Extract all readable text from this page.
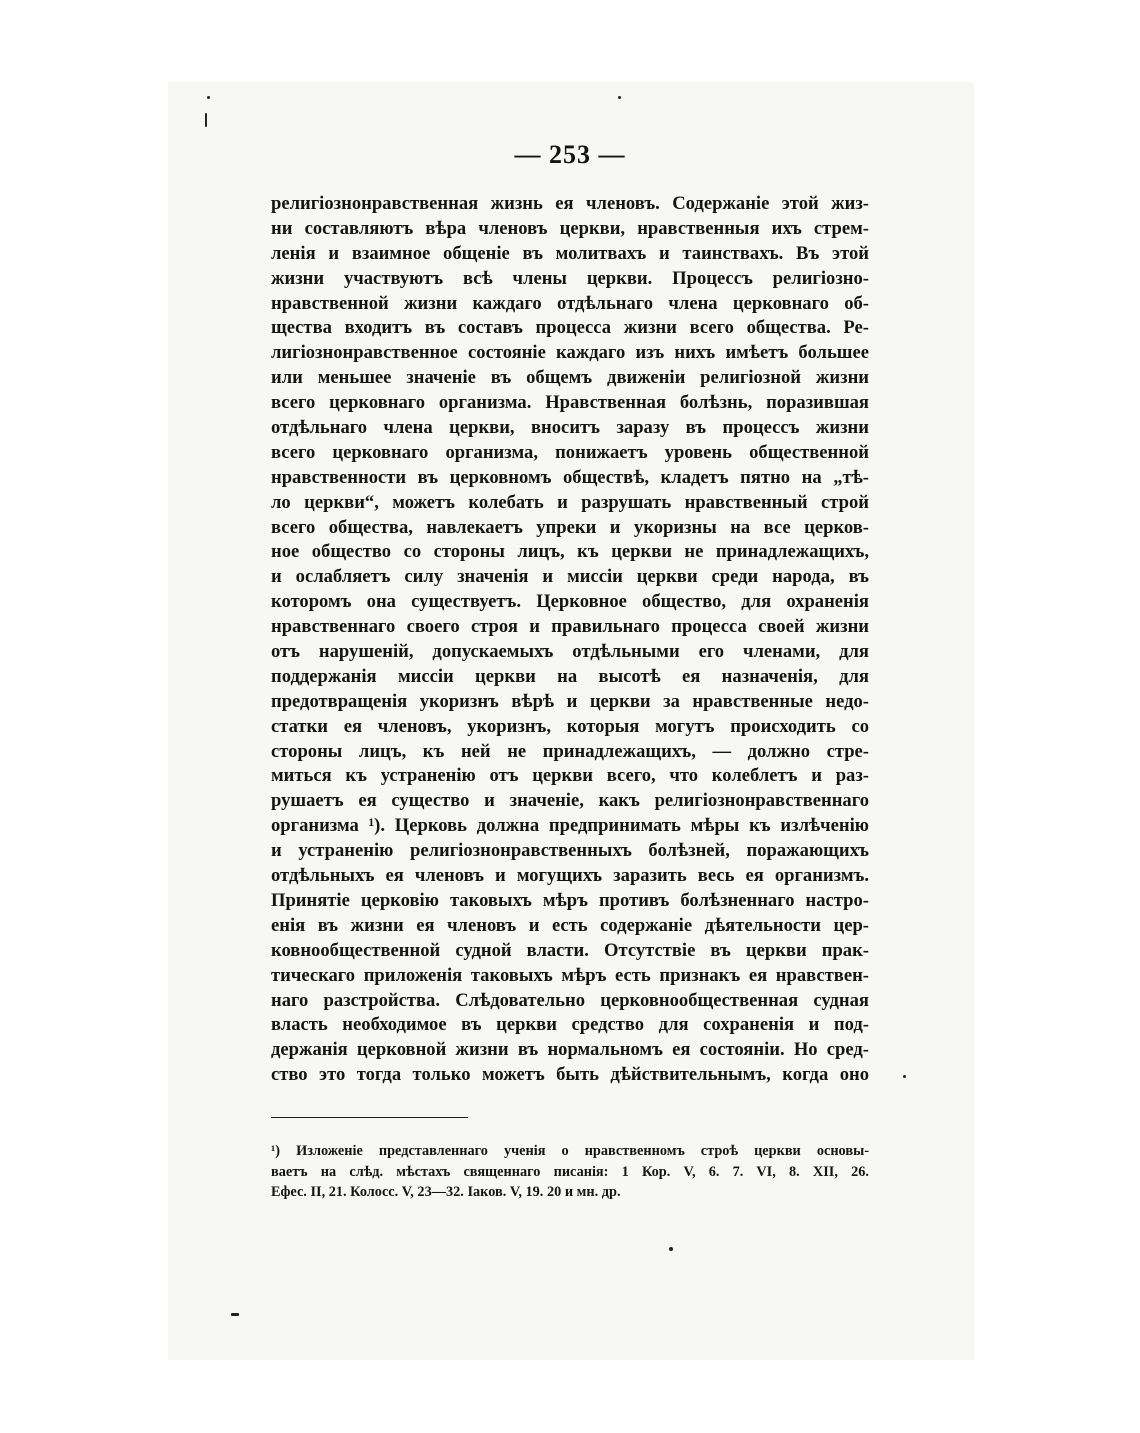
— 253 —
религіознонравственная жизнь ея членовъ. Содержаніе этой жиз-
ни составляютъ вѣра членовъ церкви, нравственныя ихъ стрем-
ленія и взаимное общеніе въ молитвахъ и таинствахъ. Въ этой
жизни участвуютъ всѣ члены церкви. Процессъ религіозно-
нравственной жизни каждаго отдѣльнаго члена церковнаго об-
щества входитъ въ составъ процесса жизни всего общества. Ре-
лигіознонравственное состояніе каждаго изъ нихъ имѣетъ большее
или меньшее значеніе въ общемъ движеніи религіозной жизни
всего церковнаго организма. Нравственная болѣзнь, поразившая
отдѣльнаго члена церкви, вноситъ заразу въ процессъ жизни
всего церковнаго организма, понижаетъ уровень общественной
нравственности въ церковномъ обществѣ, кладетъ пятно на „тѣ-
ло церкви“, можетъ колебать и разрушать нравственный строй
всего общества, навлекаетъ упреки и укоризны на все церков-
ное общество со стороны лицъ, къ церкви не принадлежащихъ,
и ослабляетъ силу значенія и миссіи церкви среди народа, въ
которомъ она существуетъ. Церковное общество, для охраненія
нравственнаго своего строя и правильнаго процесса своей жизни
отъ нарушеній, допускаемыхъ отдѣльными его членами, для
поддержанія миссіи церкви на высотѣ ея назначенія, для
предотвращенія укоризнъ вѣрѣ и церкви за нравственные недо-
статки ея членовъ, укоризнъ, которыя могутъ происходить со
стороны лицъ, къ ней не принадлежащихъ, — должно стре-
миться къ устраненію отъ церкви всего, что колеблетъ и раз-
рушаетъ ея существо и значеніе, какъ религіознонравственнаго
организма ¹). Церковь должна предпринимать мѣры къ излѣченію
и устраненію религіознонравственныхъ болѣзней, поражающихъ
отдѣльныхъ ея членовъ и могущихъ заразить весь ея организмъ.
Принятіе церковію таковыхъ мѣръ противъ болѣзненнаго настро-
енія въ жизни ея членовъ и есть содержаніе дѣятельности цер-
ковнообщественной судной власти. Отсутствіе въ церкви прак-
тическаго приложенія таковыхъ мѣръ есть признакъ ея нравствен-
наго разстройства. Слѣдовательно церковнообщественная судная
власть необходимое въ церкви средство для сохраненія и под-
держанія церковной жизни въ нормальномъ ея состояніи. Но сред-
ство это тогда только можетъ быть дѣйствительнымъ, когда оно
¹) Изложеніе представленнаго ученія о нравственномъ строѣ церкви основы-
ваетъ на слѣд. мѣстахъ священнаго писанія: 1 Кор. V, 6. 7. VI, 8. XII, 26.
Ефес. II, 21. Колосс. V, 23—32. Іаков. V, 19. 20 и мн. др.
